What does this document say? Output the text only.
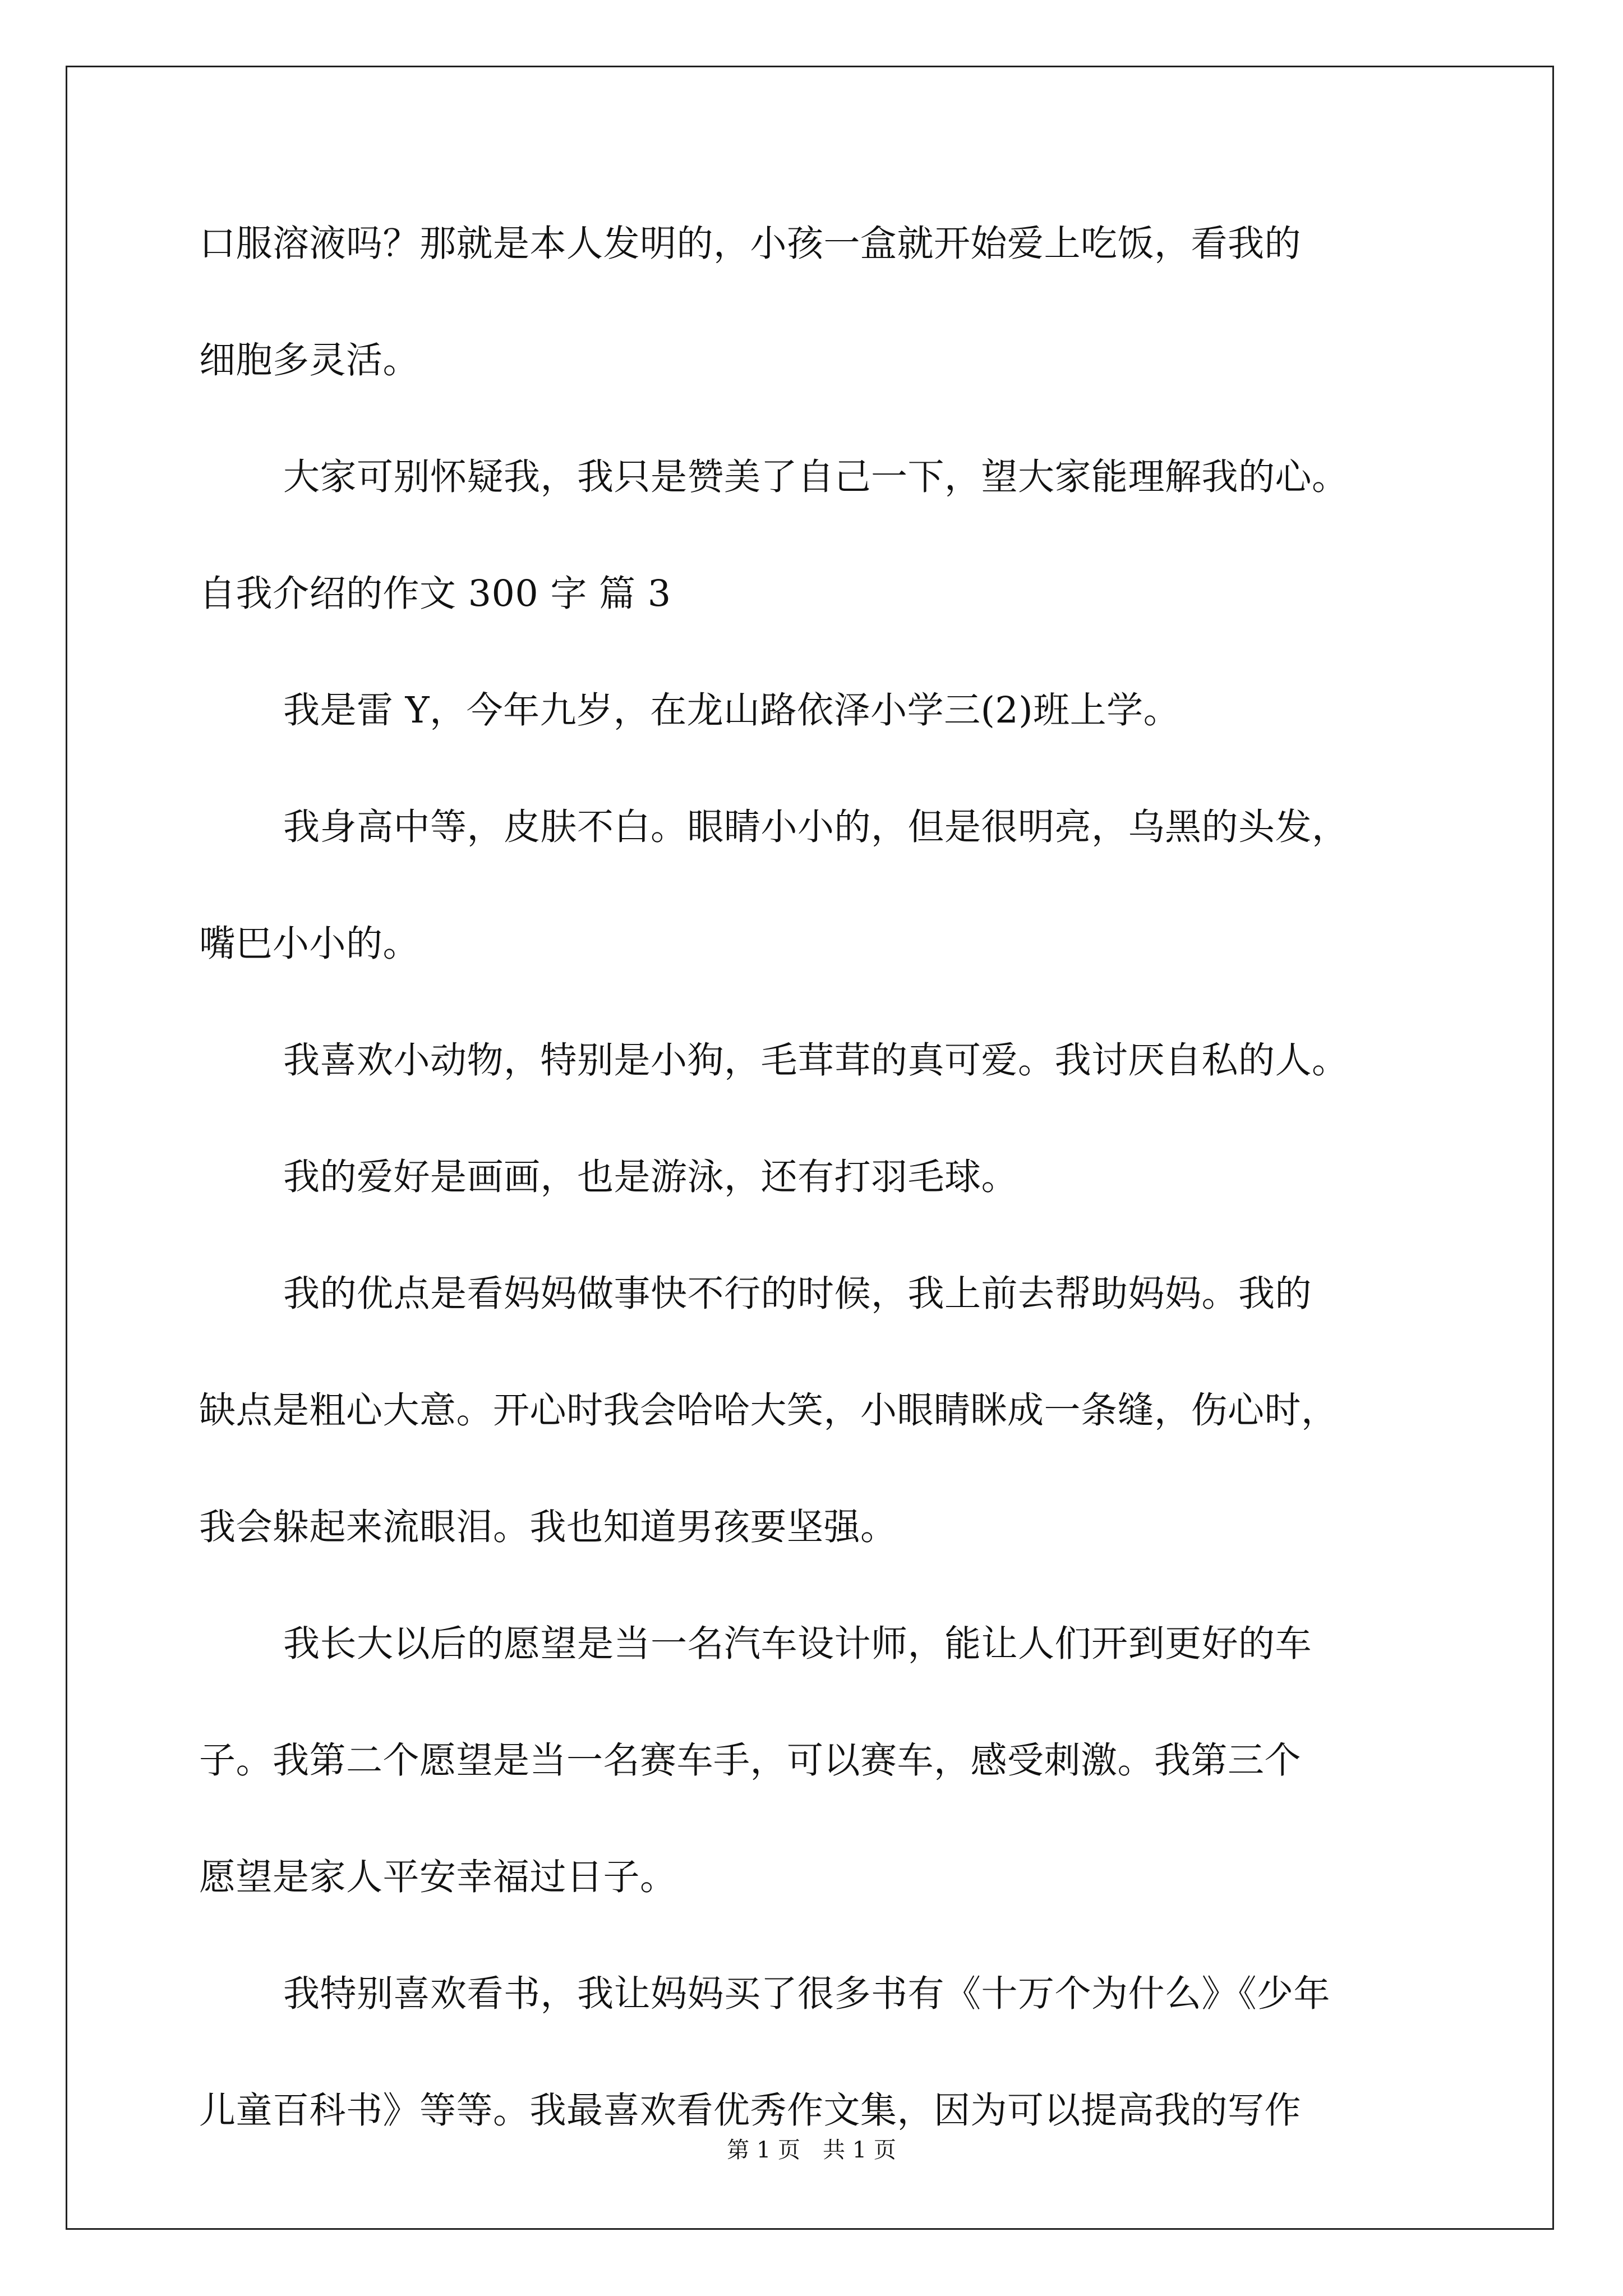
口服溶液吗？那就是本人发明的，小孩一盒就开始爱上吃饭，看我的
细胞多灵活。
大家可别怀疑我，我只是赞美了自己一下，望大家能理解我的心。
自我介绍的作文 300 字 篇 3
我是雷 Y，今年九岁，在龙山路依泽小学三(2)班上学。
我身高中等，皮肤不白。眼睛小小的，但是很明亮，乌黑的头发，
嘴巴小小的。
我喜欢小动物，特别是小狗，毛茸茸的真可爱。我讨厌自私的人。
我的爱好是画画，也是游泳，还有打羽毛球。
我的优点是看妈妈做事快不行的时候，我上前去帮助妈妈。我的
缺点是粗心大意。开心时我会哈哈大笑，小眼睛眯成一条缝，伤心时，
我会躲起来流眼泪。我也知道男孩要坚强。
我长大以后的愿望是当一名汽车设计师，能让人们开到更好的车
子。我第二个愿望是当一名赛车手，可以赛车，感受刺激。我第三个
愿望是家人平安幸福过日子。
我特别喜欢看书，我让妈妈买了很多书有《十万个为什么》《少年
儿童百科书》等等。我最喜欢看优秀作文集，因为可以提高我的写作
第 1 页 共 1 页
